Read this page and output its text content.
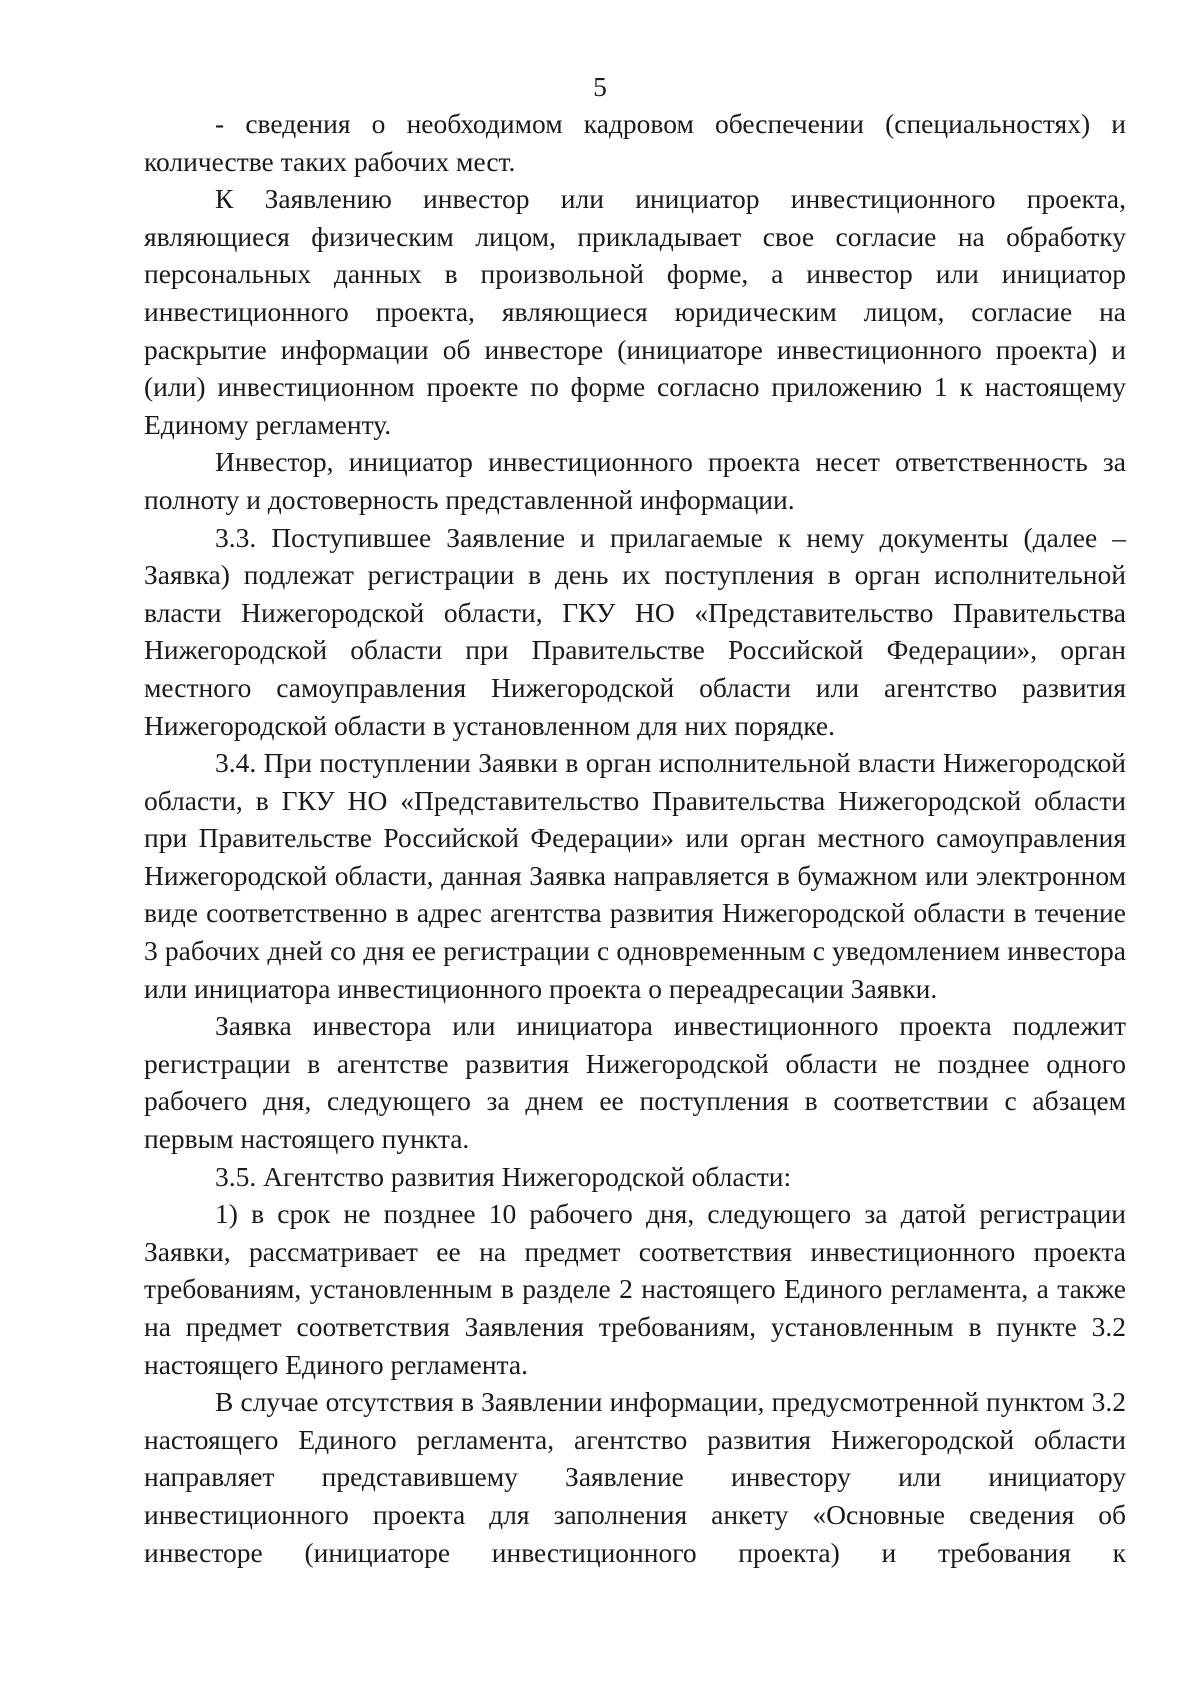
5

- сведения о необходимом кадровом обеспечении (специальностях) и количестве таких рабочих мест.

К Заявлению инвестор или инициатор инвестиционного проекта, являющиеся физическим лицом, прикладывает свое согласие на обработку персональных данных в произвольной форме, а инвестор или инициатор инвестиционного проекта, являющиеся юридическим лицом, согласие на раскрытие информации об инвесторе (инициаторе инвестиционного проекта) и (или) инвестиционном проекте по форме согласно приложению 1 к настоящему Единому регламенту.

Инвестор, инициатор инвестиционного проекта несет ответственность за полноту и достоверность представленной информации.

3.3. Поступившее Заявление и прилагаемые к нему документы (далее – Заявка) подлежат регистрации в день их поступления в орган исполнительной власти Нижегородской области, ГКУ НО «Представительство Правительства Нижегородской области при Правительстве Российской Федерации», орган местного самоуправления Нижегородской области или агентство развития Нижегородской области в установленном для них порядке.

3.4. При поступлении Заявки в орган исполнительной власти Нижегородской области, в ГКУ НО «Представительство Правительства Нижегородской области при Правительстве Российской Федерации» или орган местного самоуправления Нижегородской области, данная Заявка направляется в бумажном или электронном виде соответственно в адрес агентства развития Нижегородской области в течение 3 рабочих дней со дня ее регистрации с одновременным с уведомлением инвестора или инициатора инвестиционного проекта о переадресации Заявки.

Заявка инвестора или инициатора инвестиционного проекта подлежит регистрации в агентстве развития Нижегородской области не позднее одного рабочего дня, следующего за днем ее поступления в соответствии с абзацем первым настоящего пункта.

3.5. Агентство развития Нижегородской области:

1) в срок не позднее 10 рабочего дня, следующего за датой регистрации Заявки, рассматривает ее на предмет соответствия инвестиционного проекта требованиям, установленным в разделе 2 настоящего Единого регламента, а также на предмет соответствия Заявления требованиям, установленным в пункте 3.2 настоящего Единого регламента.

В случае отсутствия в Заявлении информации, предусмотренной пунктом 3.2 настоящего Единого регламента, агентство развития Нижегородской области направляет представившему Заявление инвестору или инициатору инвестиционного проекта для заполнения анкету «Основные сведения об инвесторе (инициаторе инвестиционного проекта) и требования к
